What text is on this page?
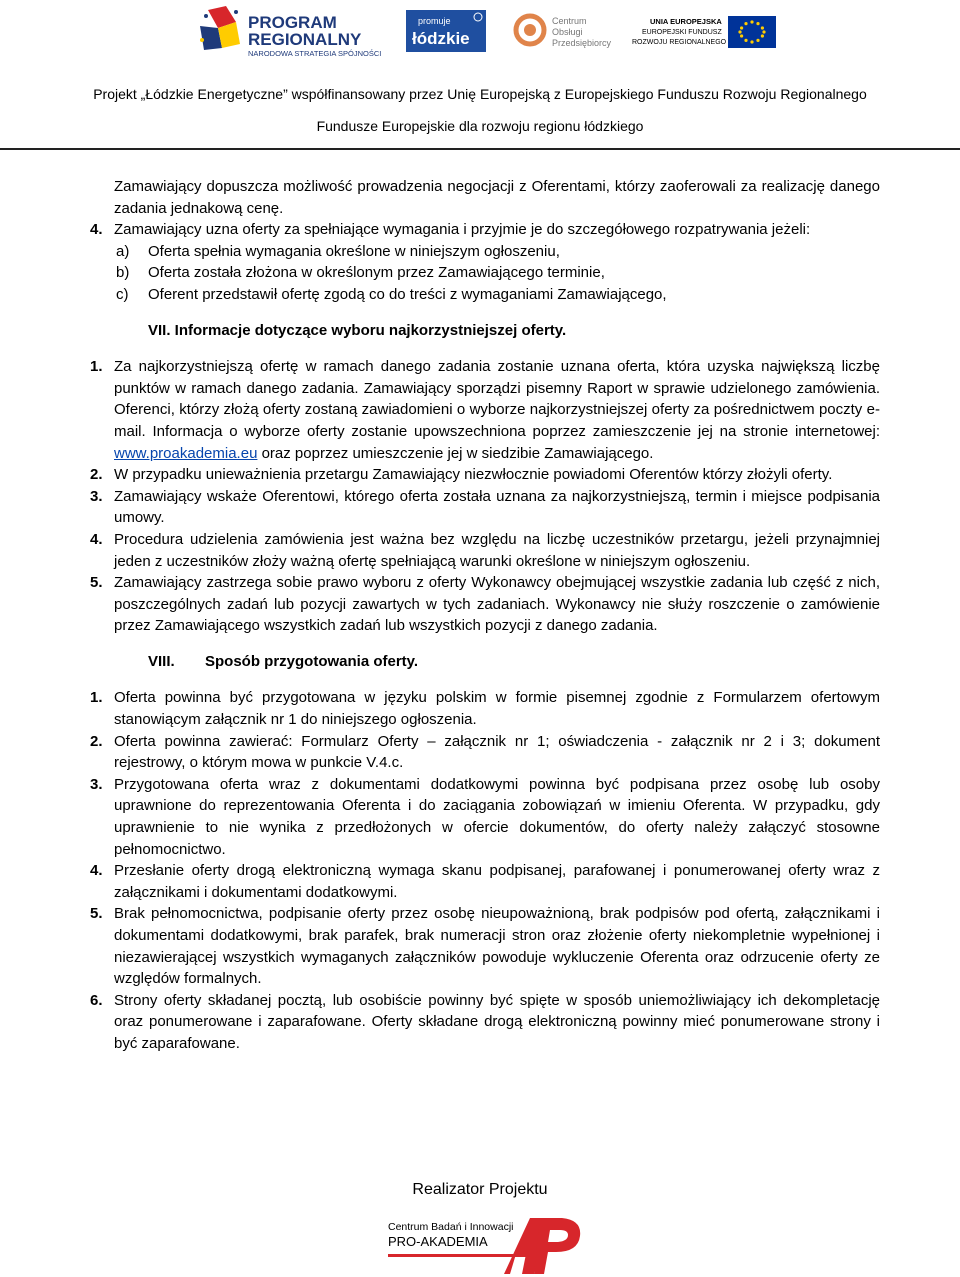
PROGRAM
REGIONALNY
NARODOWA STRATEGIA SPÓJNOŚCI
promuje
łódzkie
Centrum
Obsługi
Przedsiębiorcy
UNIA EUROPEJSKA
EUROPEJSKI FUNDUSZ
ROZWOJU REGIONALNEGO
Projekt „Łódzkie Energetyczne” współfinansowany przez Unię Europejską z Europejskiego Funduszu Rozwoju Regionalnego
Fundusze Europejskie dla rozwoju regionu łódzkiego
Zamawiający dopuszcza możliwość prowadzenia negocjacji z Oferentami, którzy zaoferowali za realizację danego zadania jednakową cenę.
4. Zamawiający uzna oferty za spełniające wymagania i przyjmie je do szczegółowego rozpatrywania jeżeli:
a) Oferta spełnia wymagania określone w niniejszym ogłoszeniu,
b) Oferta została złożona w określonym przez Zamawiającego terminie,
c) Oferent przedstawił ofertę zgodą co do treści z wymaganiami Zamawiającego,
VII. Informacje dotyczące wyboru najkorzystniejszej oferty.
1. Za najkorzystniejszą ofertę w ramach danego zadania zostanie uznana oferta, która uzyska największą liczbę punktów w ramach danego zadania. Zamawiający sporządzi pisemny Raport w sprawie udzielonego zamówienia. Oferenci, którzy złożą oferty zostaną zawiadomieni o wyborze najkorzystniejszej oferty za pośrednictwem poczty e-mail. Informacja o wyborze oferty zostanie upowszechniona poprzez zamieszczenie jej na stronie internetowej: www.proakademia.eu oraz poprzez umieszczenie jej w siedzibie Zamawiającego.
2. W przypadku unieważnienia przetargu Zamawiający niezwłocznie powiadomi Oferentów którzy złożyli oferty.
3. Zamawiający wskaże Oferentowi, którego oferta została uznana za najkorzystniejszą, termin i miejsce podpisania umowy.
4. Procedura udzielenia zamówienia jest ważna bez względu na liczbę uczestników przetargu, jeżeli przynajmniej jeden z uczestników złoży ważną ofertę spełniającą warunki określone w niniejszym ogłoszeniu.
5. Zamawiający zastrzega sobie prawo wyboru z oferty Wykonawcy obejmującej wszystkie zadania lub część z nich, poszczególnych zadań lub pozycji zawartych w tych zadaniach. Wykonawcy nie służy roszczenie o zamówienie przez Zamawiającego wszystkich zadań lub wszystkich pozycji z danego zadania.
VIII. Sposób przygotowania oferty.
1. Oferta powinna być przygotowana w języku polskim w formie pisemnej zgodnie z Formularzem ofertowym stanowiącym załącznik nr 1 do niniejszego ogłoszenia.
2. Oferta powinna zawierać: Formularz Oferty – załącznik nr 1; oświadczenia - załącznik nr 2 i 3; dokument rejestrowy, o którym mowa w punkcie V.4.c.
3. Przygotowana oferta wraz z dokumentami dodatkowymi powinna być podpisana przez osobę lub osoby uprawnione do reprezentowania Oferenta i do zaciągania zobowiązań w imieniu Oferenta. W przypadku, gdy uprawnienie to nie wynika z przedłożonych w ofercie dokumentów, do oferty należy załączyć stosowne pełnomocnictwo.
4. Przesłanie oferty drogą elektroniczną wymaga skanu podpisanej, parafowanej i ponumerowanej oferty wraz z załącznikami i dokumentami dodatkowymi.
5. Brak pełnomocnictwa, podpisanie oferty przez osobę nieupoważnioną, brak podpisów pod ofertą, załącznikami i dokumentami dodatkowymi, brak parafek, brak numeracji stron oraz złożenie oferty niekompletnie wypełnionej i niezawierającej wszystkich wymaganych załączników powoduje wykluczenie Oferenta oraz odrzucenie oferty ze względów formalnych.
6. Strony oferty składanej pocztą, lub osobiście powinny być spięte w sposób uniemożliwiający ich dekompletację oraz ponumerowane i zaparafowane. Oferty składane drogą elektroniczną powinny mieć ponumerowane strony i być zaparafowane.
Realizator Projektu
Centrum Badań i Innowacji
PRO-AKADEMIA
